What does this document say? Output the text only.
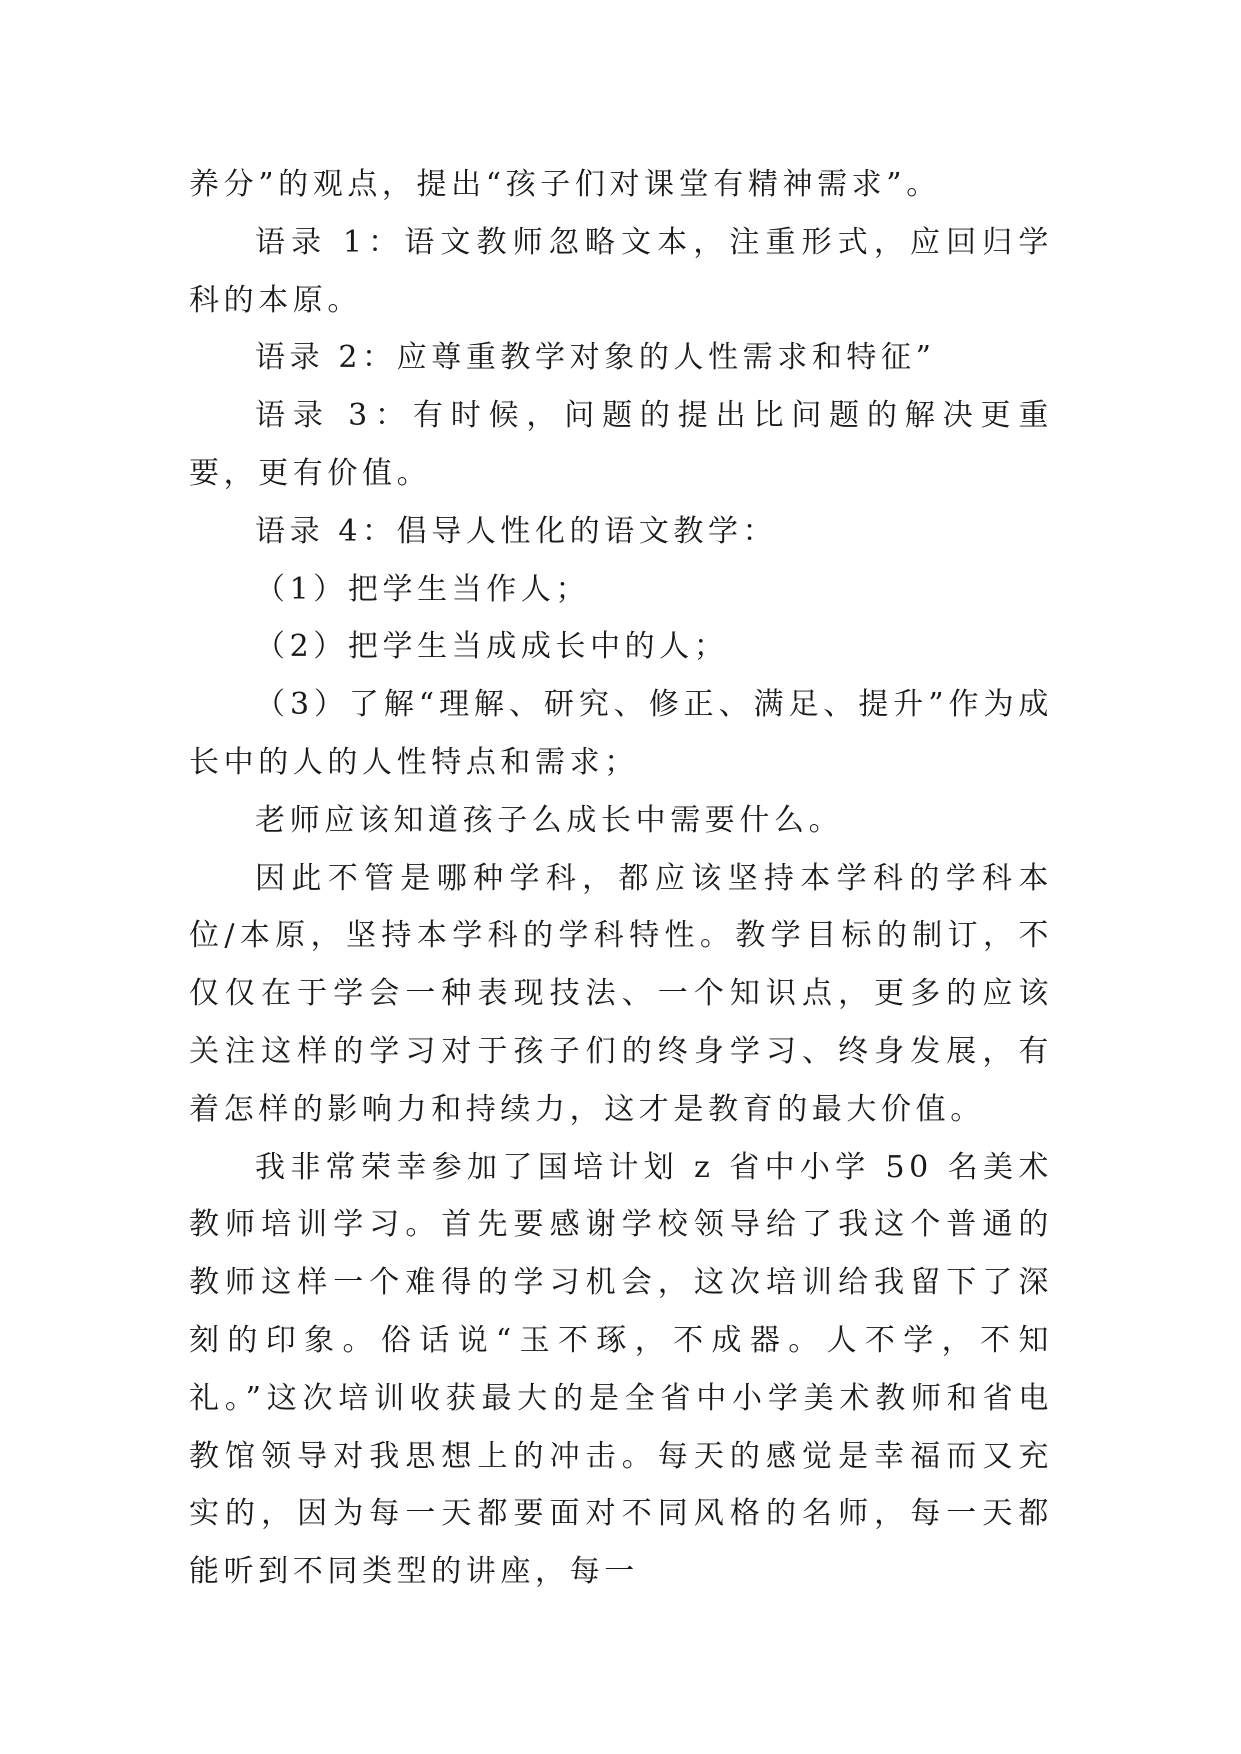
养分”的观点，提出“孩子们对课堂有精神需求”。

语录 1：语文教师忽略文本，注重形式，应回归学科的本原。

语录 2：应尊重教学对象的人性需求和特征”

语录 3：有时候，问题的提出比问题的解决更重要，更有价值。

语录 4：倡导人性化的语文教学：

（1）把学生当作人；

（2）把学生当成成长中的人；

（3）了解“理解、研究、修正、满足、提升”作为成长中的人的人性特点和需求；

老师应该知道孩子么成长中需要什么。

因此不管是哪种学科，都应该坚持本学科的学科本位/本原，坚持本学科的学科特性。教学目标的制订，不仅仅在于学会一种表现技法、一个知识点，更多的应该关注这样的学习对于孩子们的终身学习、终身发展，有着怎样的影响力和持续力，这才是教育的最大价值。

我非常荣幸参加了国培计划 z 省中小学 50 名美术教师培训学习。首先要感谢学校领导给了我这个普通的教师这样一个难得的学习机会，这次培训给我留下了深刻的印象。俗话说“玉不琢，不成器。人不学，不知礼。”这次培训收获最大的是全省中小学美术教师和省电教馆领导对我思想上的冲击。每天的感觉是幸福而又充实的，因为每一天都要面对不同风格的名师，每一天都能听到不同类型的讲座，每一
